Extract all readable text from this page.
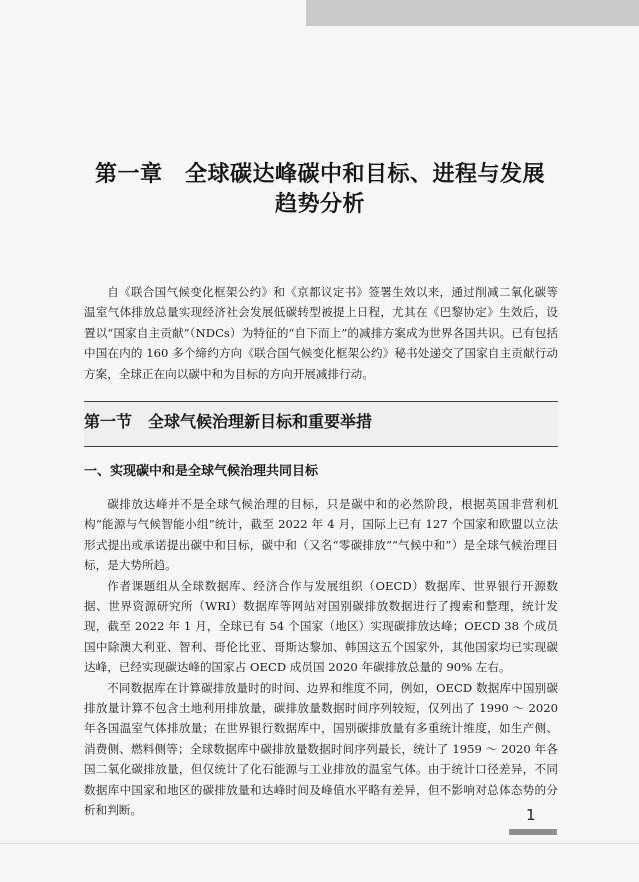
第一章　全球碳达峰碳中和目标、进程与发展
趋势分析

自《联合国气候变化框架公约》和《京都议定书》签署生效以来，通过削减二氧化碳等温室气体排放总量实现经济社会发展低碳转型被提上日程，尤其在《巴黎协定》生效后，设置以“国家自主贡献”（NDCs）为特征的“自下而上”的减排方案成为世界各国共识。已有包括中国在内的 160 多个缔约方向《联合国气候变化框架公约》秘书处递交了国家自主贡献行动方案，全球正在向以碳中和为目标的方向开展减排行动。

第一节　全球气候治理新目标和重要举措
一、实现碳中和是全球气候治理共同目标

碳排放达峰并不是全球气候治理的目标，只是碳中和的必然阶段，根据英国非营利机构“能源与气候智能小组”统计，截至 2022 年 4 月，国际上已有 127 个国家和欧盟以立法形式提出或承诺提出碳中和目标，碳中和（又名“零碳排放”“气候中和”）是全球气候治理目标，是大势所趋。

作者课题组从全球数据库、经济合作与发展组织（OECD）数据库、世界银行开源数据、世界资源研究所（WRI）数据库等网站对国别碳排放数据进行了搜索和整理，统计发现，截至 2022 年 1 月，全球已有 54 个国家（地区）实现碳排放达峰；OECD 38 个成员国中除澳大利亚、智利、哥伦比亚、哥斯达黎加、韩国这五个国家外，其他国家均已实现碳达峰，已经实现碳达峰的国家占 OECD 成员国 2020 年碳排放总量的 90% 左右。

不同数据库在计算碳排放量时的时间、边界和维度不同，例如，OECD 数据库中国别碳排放量计算不包含土地利用排放量，碳排放量数据时间序列较短，仅列出了 1990 ～ 2020 年各国温室气体排放量；在世界银行数据库中，国别碳排放量有多重统计维度，如生产侧、消费侧、燃料侧等；全球数据库中碳排放量数据时间序列最长，统计了 1959 ～ 2020 年各国二氧化碳排放量，但仅统计了化石能源与工业排放的温室气体。由于统计口径差异，不同数据库中国家和地区的碳排放量和达峰时间及峰值水平略有差异，但不影响对总体态势的分析和判断。	1
